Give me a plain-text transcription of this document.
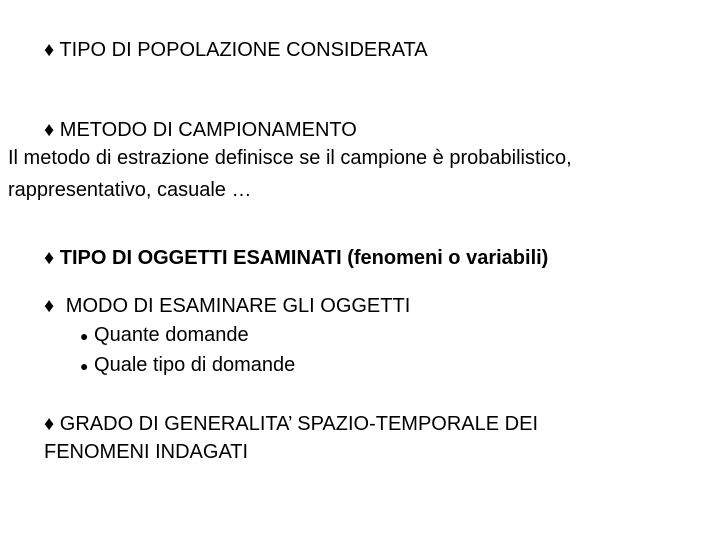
♦ TIPO DI POPOLAZIONE CONSIDERATA
♦ METODO DI CAMPIONAMENTO
Il metodo di estrazione definisce se il campione è probabilistico,
rappresentativo, casuale …
♦ TIPO DI OGGETTI ESAMINATI (fenomeni o variabili)
♦ MODO DI ESAMINARE GLI OGGETTI
● Quante domande
● Quale tipo di domande
♦ GRADO DI GENERALITA’ SPAZIO-TEMPORALE DEI
FENOMENI INDAGATI
